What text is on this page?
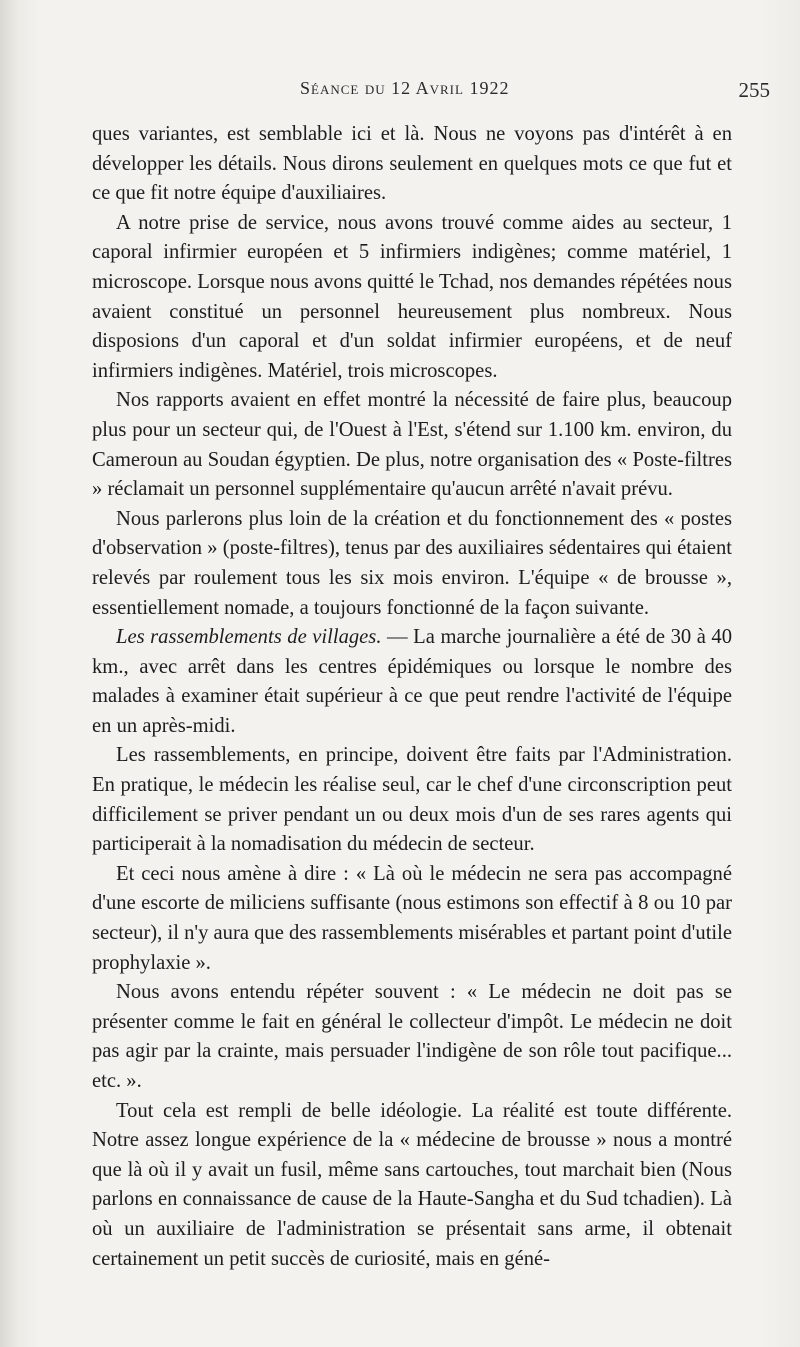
Séance du 12 Avril 1922	255

ques variantes, est semblable ici et là. Nous ne voyons pas d'intérêt à en développer les détails. Nous dirons seulement en quelques mots ce que fut et ce que fit notre équipe d'auxiliaires.

A notre prise de service, nous avons trouvé comme aides au secteur, 1 caporal infirmier européen et 5 infirmiers indigènes; comme matériel, 1 microscope. Lorsque nous avons quitté le Tchad, nos demandes répétées nous avaient constitué un personnel heureusement plus nombreux. Nous disposions d'un caporal et d'un soldat infirmier européens, et de neuf infirmiers indigènes. Matériel, trois microscopes.

Nos rapports avaient en effet montré la nécessité de faire plus, beaucoup plus pour un secteur qui, de l'Ouest à l'Est, s'étend sur 1.100 km. environ, du Cameroun au Soudan égyptien. De plus, notre organisation des « Poste-filtres » réclamait un personnel supplémentaire qu'aucun arrêté n'avait prévu.

Nous parlerons plus loin de la création et du fonctionnement des « postes d'observation » (poste-filtres), tenus par des auxiliaires sédentaires qui étaient relevés par roulement tous les six mois environ. L'équipe « de brousse », essentiellement nomade, a toujours fonctionné de la façon suivante.

Les rassemblements de villages. — La marche journalière a été de 30 à 40 km., avec arrêt dans les centres épidémiques ou lorsque le nombre des malades à examiner était supérieur à ce que peut rendre l'activité de l'équipe en un après-midi.

Les rassemblements, en principe, doivent être faits par l'Administration. En pratique, le médecin les réalise seul, car le chef d'une circonscription peut difficilement se priver pendant un ou deux mois d'un de ses rares agents qui participerait à la nomadisation du médecin de secteur.

Et ceci nous amène à dire : « Là où le médecin ne sera pas accompagné d'une escorte de miliciens suffisante (nous estimons son effectif à 8 ou 10 par secteur), il n'y aura que des rassemblements misérables et partant point d'utile prophylaxie ».

Nous avons entendu répéter souvent : « Le médecin ne doit pas se présenter comme le fait en général le collecteur d'impôt. Le médecin ne doit pas agir par la crainte, mais persuader l'indigène de son rôle tout pacifique... etc. ».

Tout cela est rempli de belle idéologie. La réalité est toute différente. Notre assez longue expérience de la « médecine de brousse » nous a montré que là où il y avait un fusil, même sans cartouches, tout marchait bien (Nous parlons en connaissance de cause de la Haute-Sangha et du Sud tchadien). Là où un auxiliaire de l'administration se présentait sans arme, il obtenait certainement un petit succès de curiosité, mais en géné-
